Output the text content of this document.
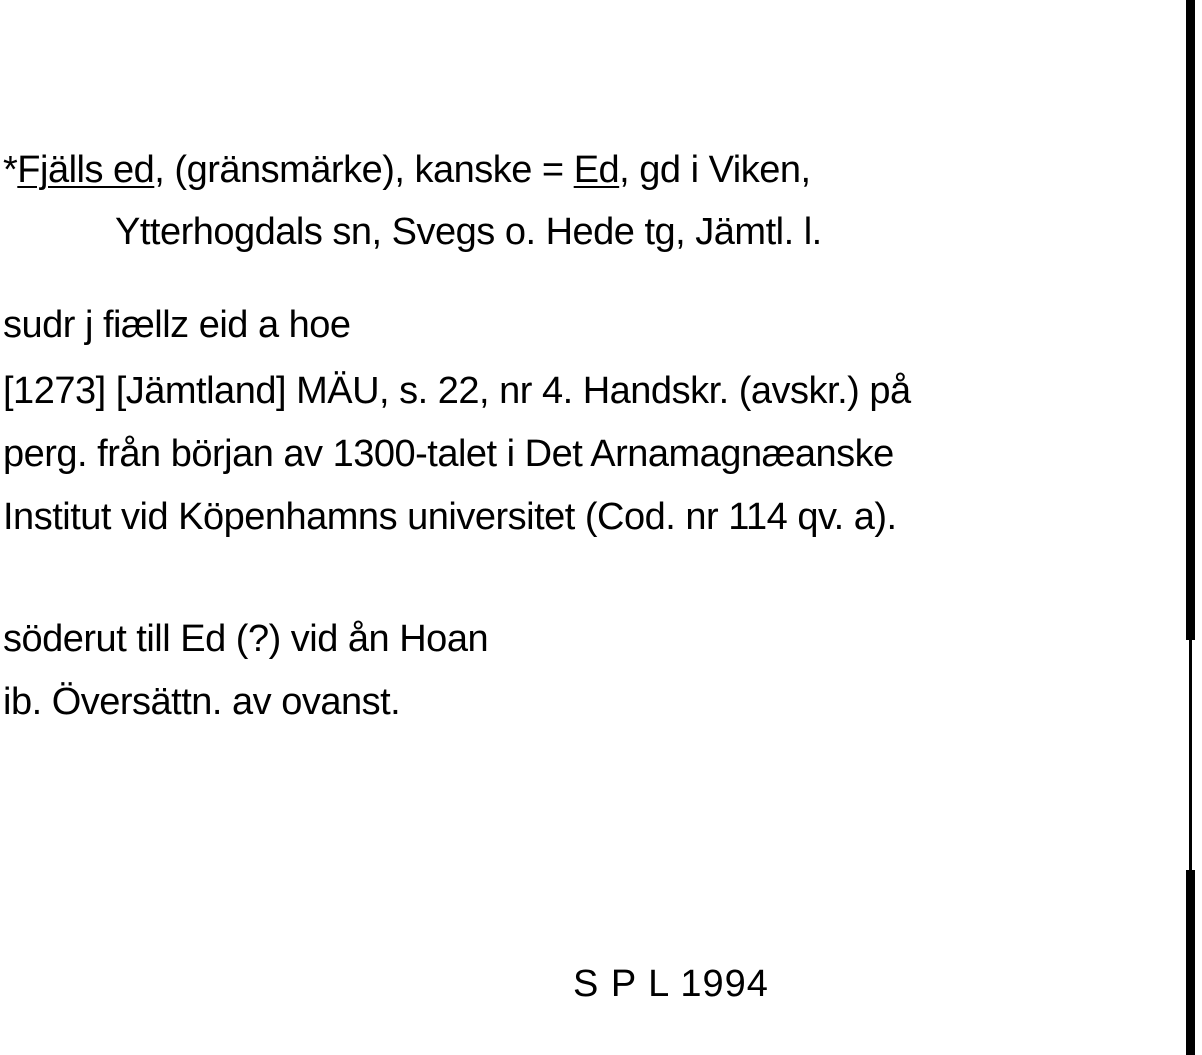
*Fjälls ed, (gränsmärke), kanske = Ed, gd i Viken,
Ytterhogdals sn, Svegs o. Hede tg, Jämtl. l.
sudr j fiællz eid a hoe
[1273] [Jämtland] MÄU, s. 22, nr 4. Handskr. (avskr.) på
perg. från början av 1300-talet i Det Arnamagnæanske
Institut vid Köpenhamns universitet (Cod. nr 114 qv. a).
söderut till Ed (?) vid ån Hoan
ib. Översättn. av ovanst.
S P L 1994
